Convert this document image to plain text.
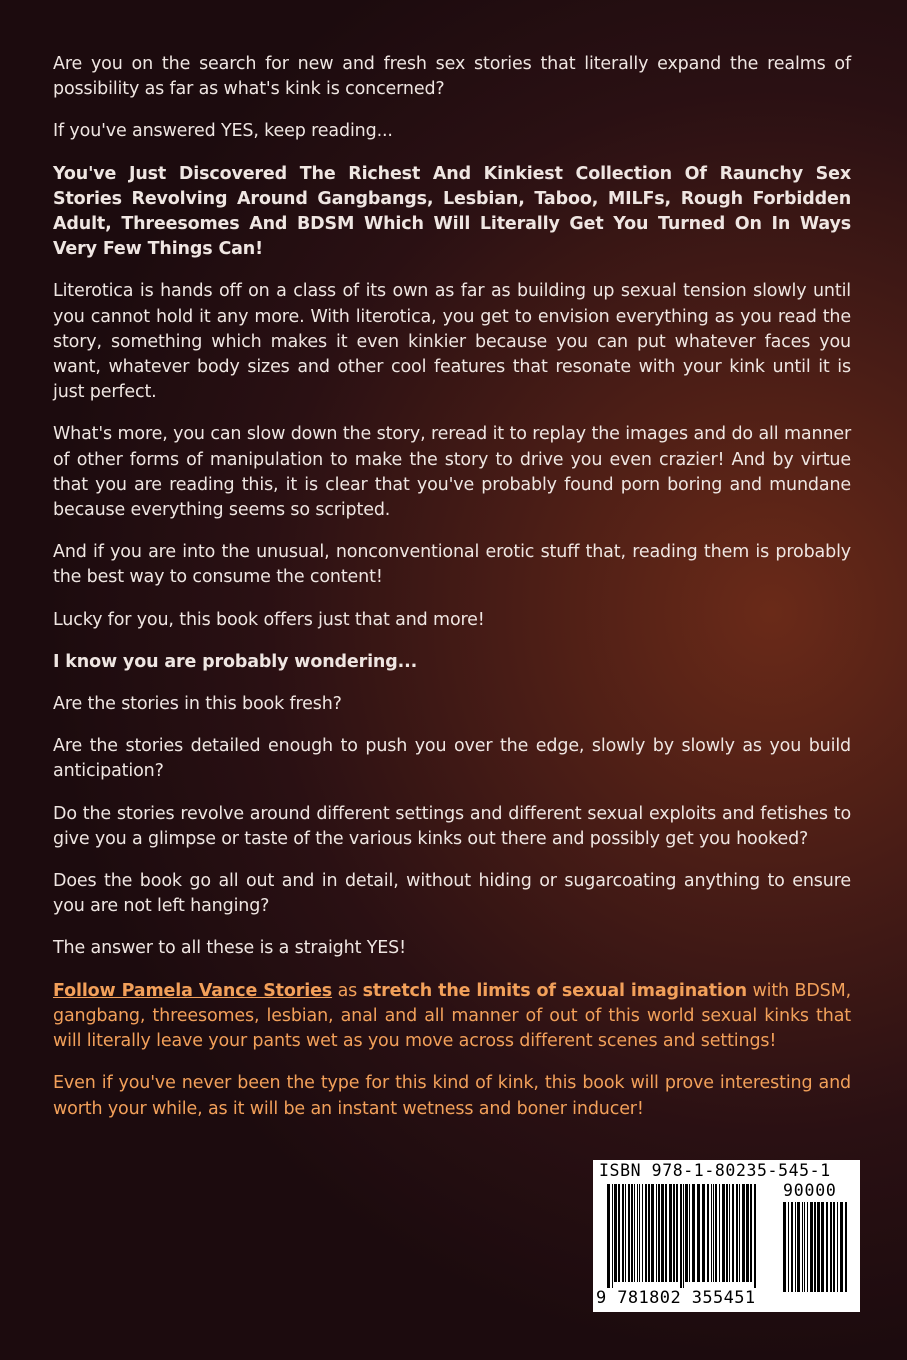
Are you on the search for new and fresh sex stories that literally expand the realms of possibility as far as what's kink is concerned?

If you've answered YES, keep reading...

You've Just Discovered The Richest And Kinkiest Collection Of Raunchy Sex Stories Revolving Around Gangbangs, Lesbian, Taboo, MILFs, Rough Forbidden Adult, Threesomes And BDSM Which Will Literally Get You Turned On In Ways Very Few Things Can!

Literotica is hands off on a class of its own as far as building up sexual tension slowly until you cannot hold it any more. With literotica, you get to envision everything as you read the story, something which makes it even kinkier because you can put whatever faces you want, whatever body sizes and other cool features that resonate with your kink until it is just perfect.

What's more, you can slow down the story, reread it to replay the images and do all manner of other forms of manipulation to make the story to drive you even crazier! And by virtue that you are reading this, it is clear that you've probably found porn boring and mundane because everything seems so scripted.

And if you are into the unusual, nonconventional erotic stuff that, reading them is probably the best way to consume the content!

Lucky for you, this book offers just that and more!

I know you are probably wondering...

Are the stories in this book fresh?

Are the stories detailed enough to push you over the edge, slowly by slowly as you build anticipation?

Do the stories revolve around different settings and different sexual exploits and fetishes to give you a glimpse or taste of the various kinks out there and possibly get you hooked?

Does the book go all out and in detail, without hiding or sugarcoating anything to ensure you are not left hanging?

The answer to all these is a straight YES!

Follow Pamela Vance Stories as stretch the limits of sexual imagination with BDSM, gangbang, threesomes, lesbian, anal and all manner of out of this world sexual kinks that will literally leave your pants wet as you move across different scenes and settings!

Even if you've never been the type for this kind of kink, this book will prove interesting and worth your while, as it will be an instant wetness and boner inducer!

ISBN 978-1-80235-545-1
9 781802 355451
90000
